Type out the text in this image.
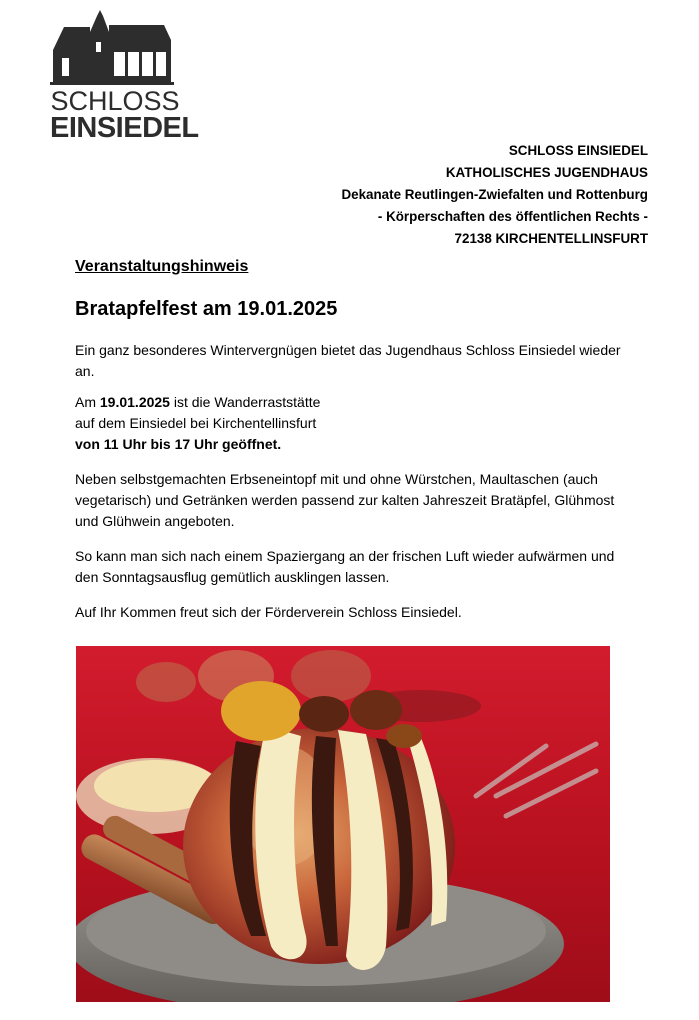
SCHLOSS
EINSIEDEL
SCHLOSS EINSIEDEL
KATHOLISCHES JUGENDHAUS
Dekanate Reutlingen-Zwiefalten und Rottenburg
- Körperschaften des öffentlichen Rechts -
72138 KIRCHENTELLINSFURT
Veranstaltungshinweis
Bratapfelfest am 19.01.2025

Ein ganz besonderes Wintervergnügen bietet das Jugendhaus Schloss Einsiedel wieder an.

Am 19.01.2025 ist die Wanderraststätte
auf dem Einsiedel bei Kirchentellinsfurt
von 11 Uhr bis 17 Uhr geöffnet.

Neben selbstgemachten Erbseneintopf mit und ohne Würstchen, Maultaschen (auch vegetarisch) und Getränken werden passend zur kalten Jahreszeit Bratäpfel, Glühmost und Glühwein angeboten.

So kann man sich nach einem Spaziergang an der frischen Luft wieder aufwärmen und den Sonntagsausflug gemütlich ausklingen lassen.

Auf Ihr Kommen freut sich der Förderverein Schloss Einsiedel.
